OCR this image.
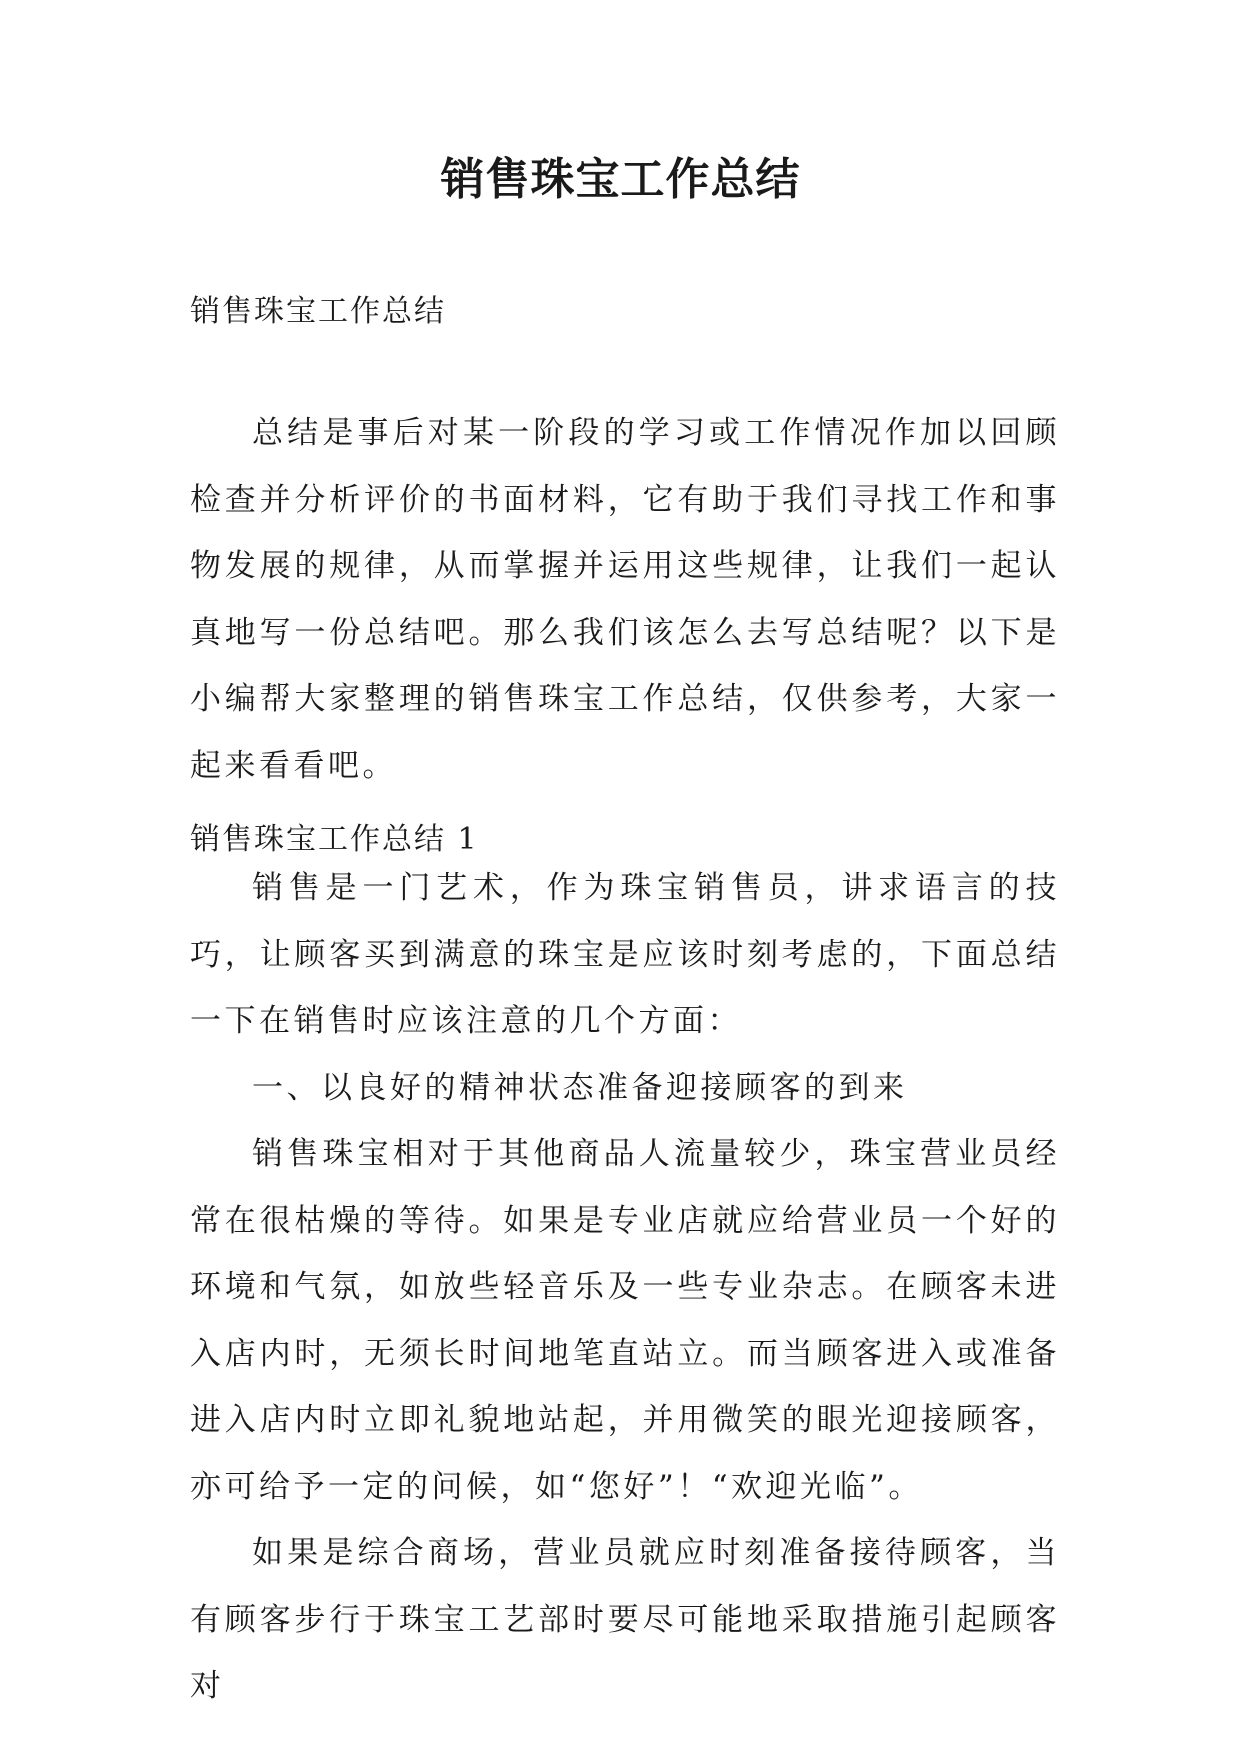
销售珠宝工作总结
销售珠宝工作总结

总结是事后对某一阶段的学习或工作情况作加以回顾检查并分析评价的书面材料，它有助于我们寻找工作和事物发展的规律，从而掌握并运用这些规律，让我们一起认真地写一份总结吧。那么我们该怎么去写总结呢？以下是小编帮大家整理的销售珠宝工作总结，仅供参考，大家一起来看看吧。

销售珠宝工作总结 1

销售是一门艺术，作为珠宝销售员，讲求语言的技巧，让顾客买到满意的珠宝是应该时刻考虑的，下面总结一下在销售时应该注意的几个方面：

一、以良好的精神状态准备迎接顾客的到来

销售珠宝相对于其他商品人流量较少，珠宝营业员经常在很枯燥的等待。如果是专业店就应给营业员一个好的环境和气氛，如放些轻音乐及一些专业杂志。在顾客未进入店内时，无须长时间地笔直站立。而当顾客进入或准备进入店内时立即礼貌地站起，并用微笑的眼光迎接顾客，亦可给予一定的问候，如“您好”！“欢迎光临”。

如果是综合商场，营业员就应时刻准备接待顾客，当有顾客步行于珠宝工艺部时要尽可能地采取措施引起顾客对
